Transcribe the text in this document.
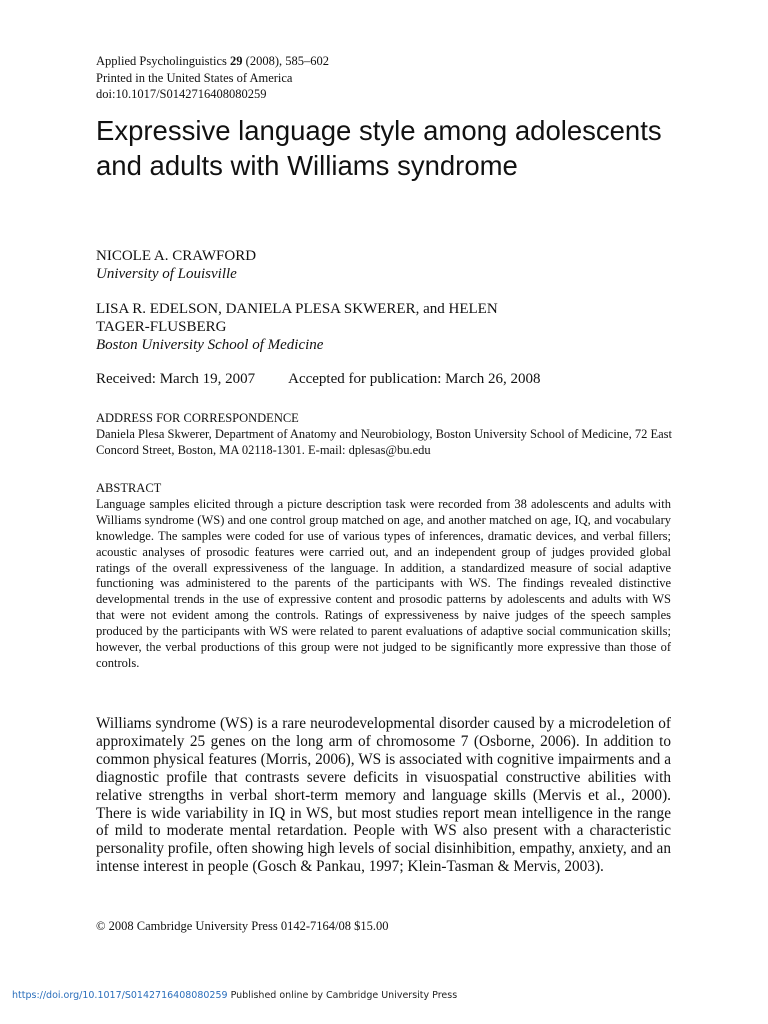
Applied Psycholinguistics 29 (2008), 585–602
Printed in the United States of America
doi:10.1017/S0142716408080259
Expressive language style among adolescents and adults with Williams syndrome
NICOLE A. CRAWFORD
University of Louisville
LISA R. EDELSON, DANIELA PLESA SKWERER, and HELEN TAGER-FLUSBERG
Boston University School of Medicine
Received: March 19, 2007 Accepted for publication: March 26, 2008
ADDRESS FOR CORRESPONDENCE
Daniela Plesa Skwerer, Department of Anatomy and Neurobiology, Boston University School of Medicine, 72 East Concord Street, Boston, MA 02118-1301. E-mail: dplesas@bu.edu
ABSTRACT
Language samples elicited through a picture description task were recorded from 38 adolescents and adults with Williams syndrome (WS) and one control group matched on age, and another matched on age, IQ, and vocabulary knowledge. The samples were coded for use of various types of inferences, dramatic devices, and verbal fillers; acoustic analyses of prosodic features were carried out, and an independent group of judges provided global ratings of the overall expressiveness of the language. In addition, a standardized measure of social adaptive functioning was administered to the parents of the participants with WS. The findings revealed distinctive developmental trends in the use of expressive content and prosodic patterns by adolescents and adults with WS that were not evident among the controls. Ratings of expressiveness by naive judges of the speech samples produced by the participants with WS were related to parent evaluations of adaptive social communication skills; however, the verbal productions of this group were not judged to be significantly more expressive than those of controls.

Williams syndrome (WS) is a rare neurodevelopmental disorder caused by a microdeletion of approximately 25 genes on the long arm of chromosome 7 (Osborne, 2006). In addition to common physical features (Morris, 2006), WS is associated with cognitive impairments and a diagnostic profile that contrasts severe deficits in visuospatial constructive abilities with relative strengths in verbal short-term memory and language skills (Mervis et al., 2000). There is wide variability in IQ in WS, but most studies report mean intelligence in the range of mild to moderate mental retardation. People with WS also present with a characteristic personality profile, often showing high levels of social disinhibition, empathy, anxiety, and an intense interest in people (Gosch & Pankau, 1997; Klein-Tasman & Mervis, 2003).

© 2008 Cambridge University Press 0142-7164/08 $15.00
https://doi.org/10.1017/S0142716408080259 Published online by Cambridge University Press
